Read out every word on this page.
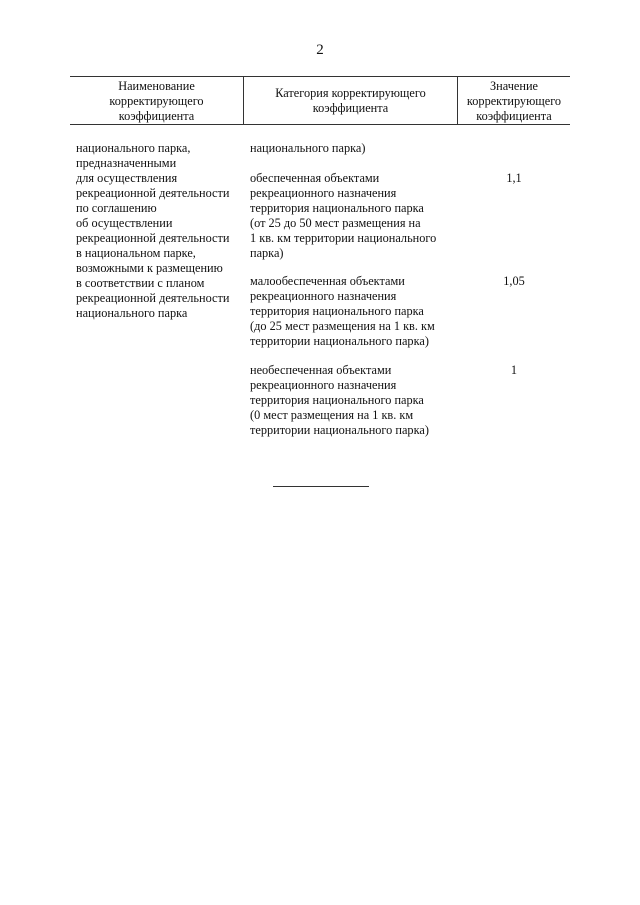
2
Наименование
корректирующего
коэффициента
Категория корректирующего
коэффициента
Значение
корректирующего
коэффициента
национального парка,
предназначенными
для осуществления
рекреационной деятельности
по соглашению
об осуществлении
рекреационной деятельности
в национальном парке,
возможными к размещению
в соответствии с планом
рекреационной деятельности
национального парка
национального парка)
обеспеченная объектами
рекреационного назначения
территория национального парка
(от 25 до 50 мест размещения на
1 кв. км территории национального
парка)
1,1
малообеспеченная объектами
рекреационного назначения
территория национального парка
(до 25 мест размещения на 1 кв. км
территории национального парка)
1,05
необеспеченная объектами
рекреационного назначения
территория национального парка
(0 мест размещения на 1 кв. км
территории национального парка)
1
